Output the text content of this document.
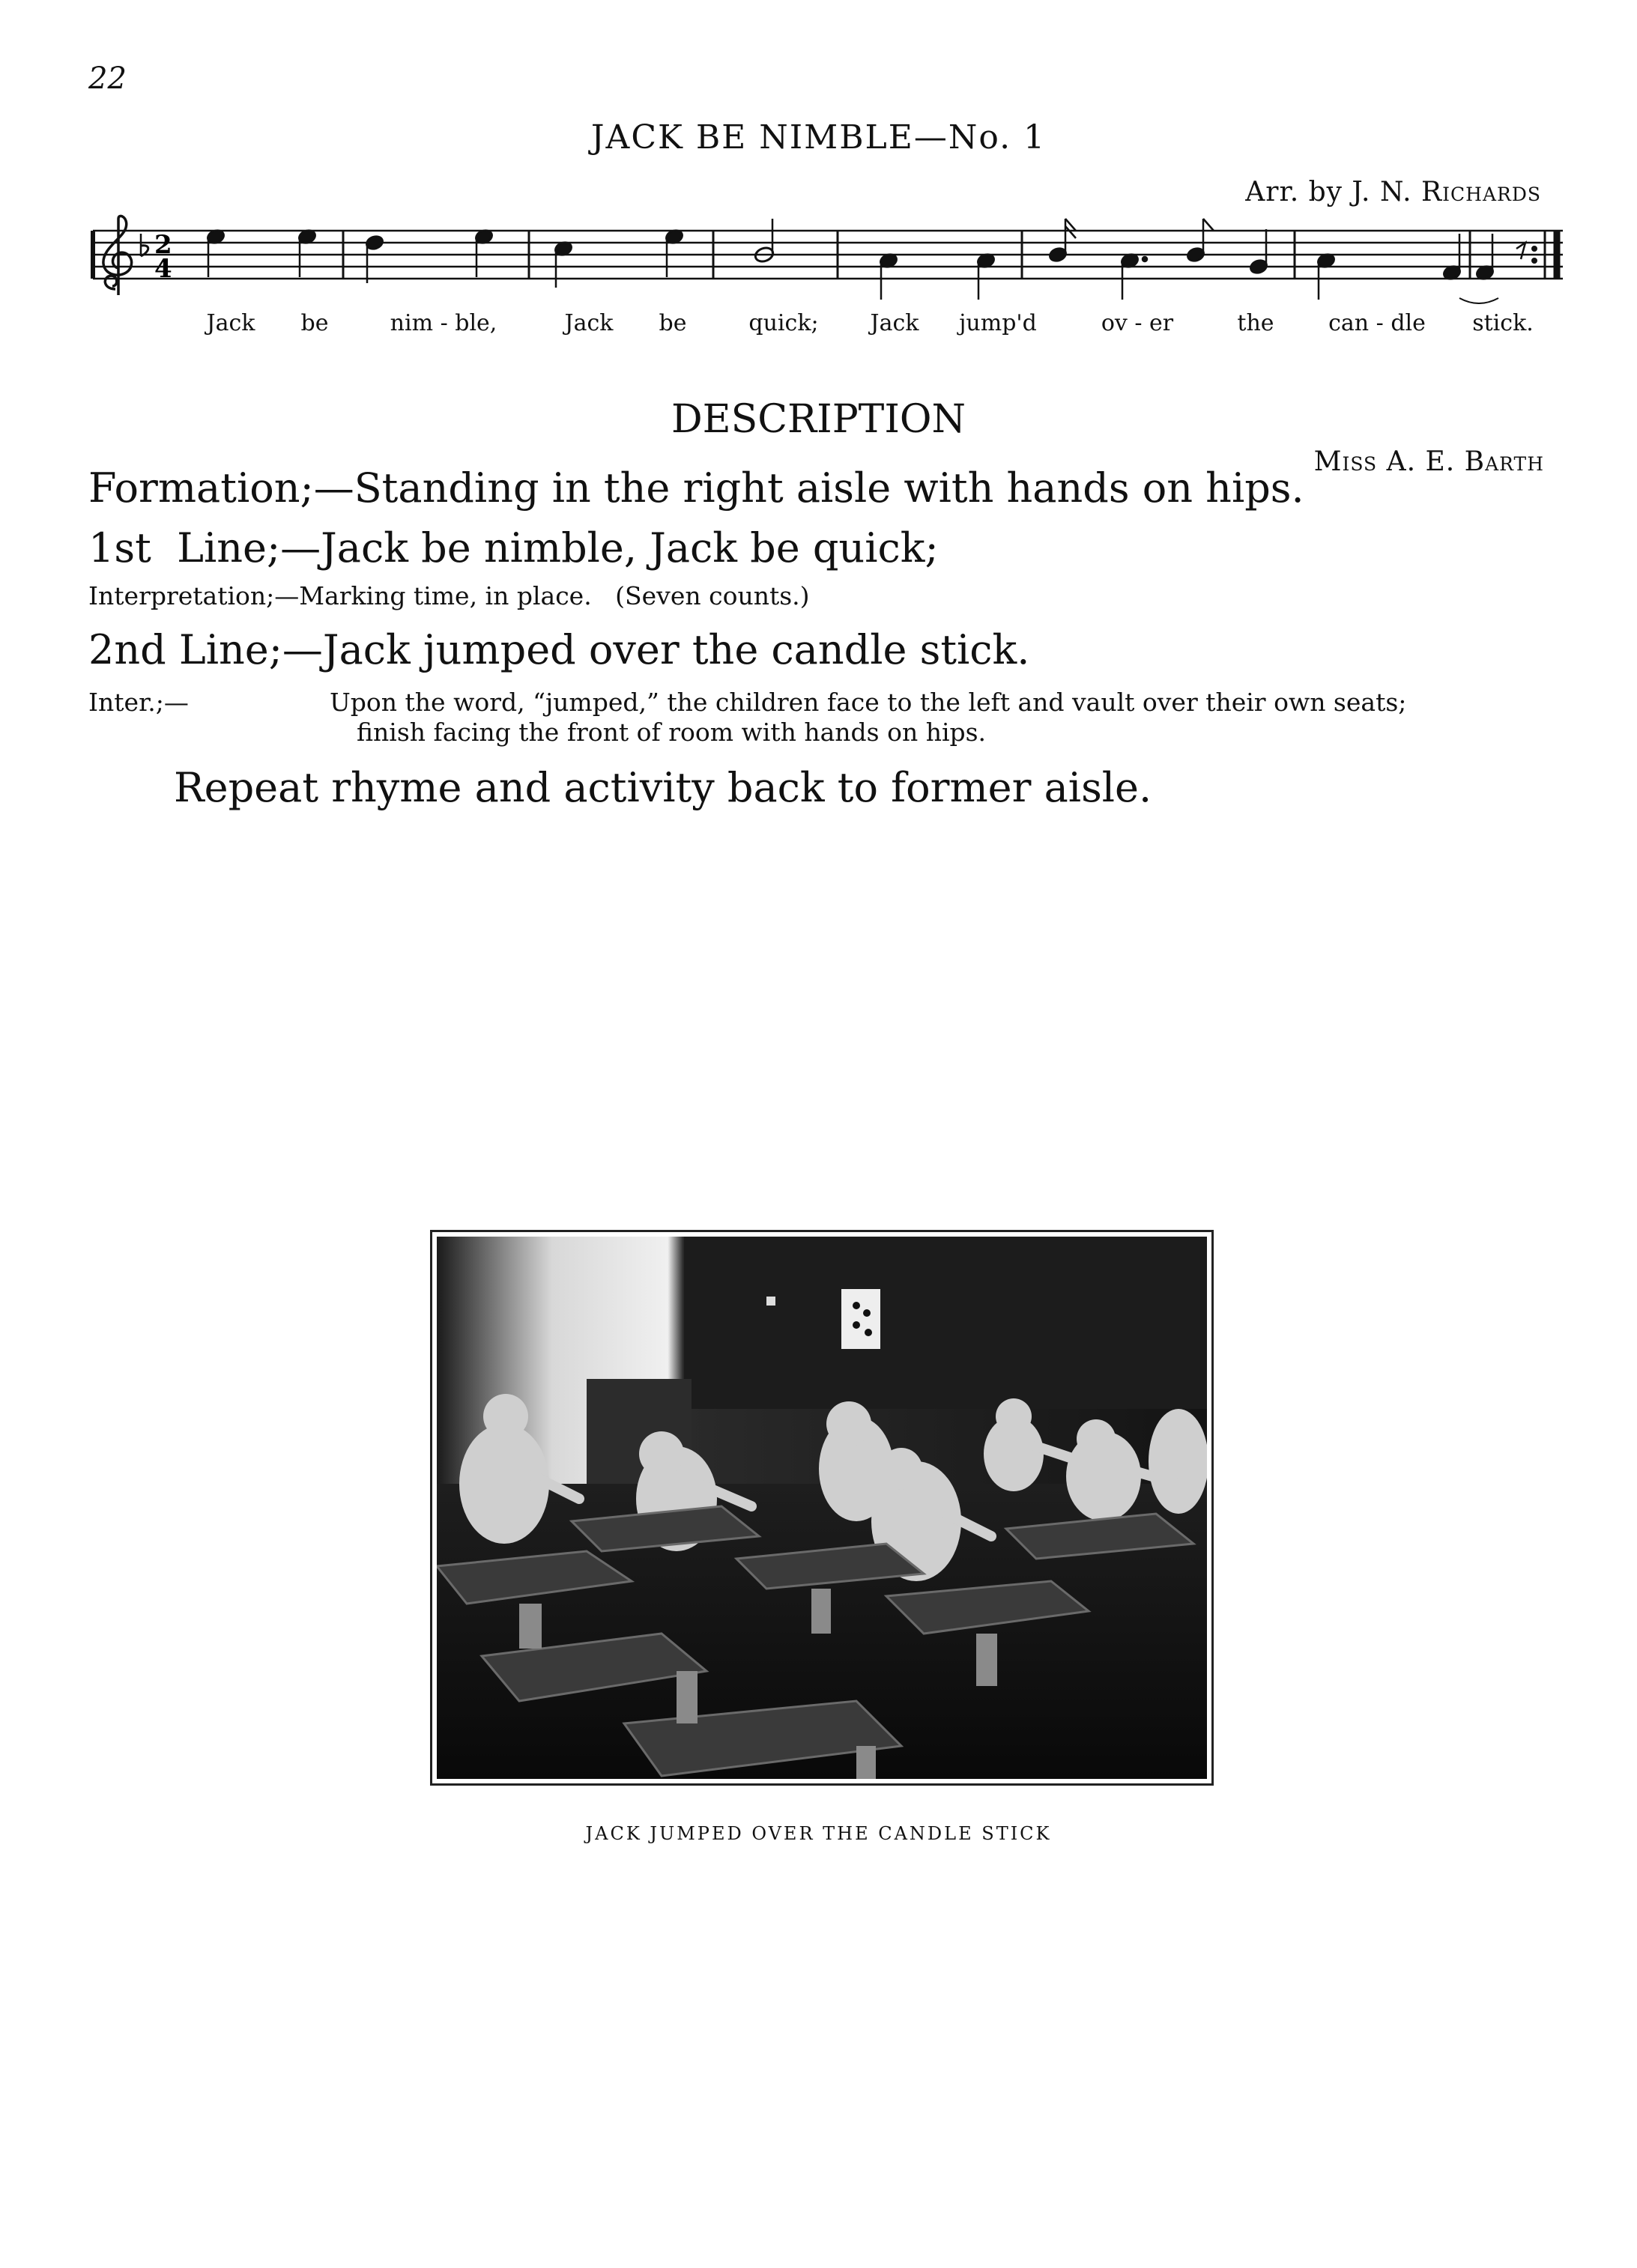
22
JACK BE NIMBLE—No. 1
Arr. by J. N. Richards
2
4
Jack be	nim - ble,	Jack be	quick; Jack jump'd	ov - er	the can - dle stick.
DESCRIPTION
Miss A. E. Barth
Formation;—Standing in the right aisle with hands on hips.
1st  Line;—Jack be nimble, Jack be quick;
Interpretation;—Marking time, in place.   (Seven counts.)
2nd Line;—Jack jumped over the candle stick.
Inter.;—	Upon the word, “jumped,” the children face to the left and vault over their own seats;
finish facing the front of room with hands on hips.
Repeat rhyme and activity back to former aisle.
JACK JUMPED OVER THE CANDLE STICK
